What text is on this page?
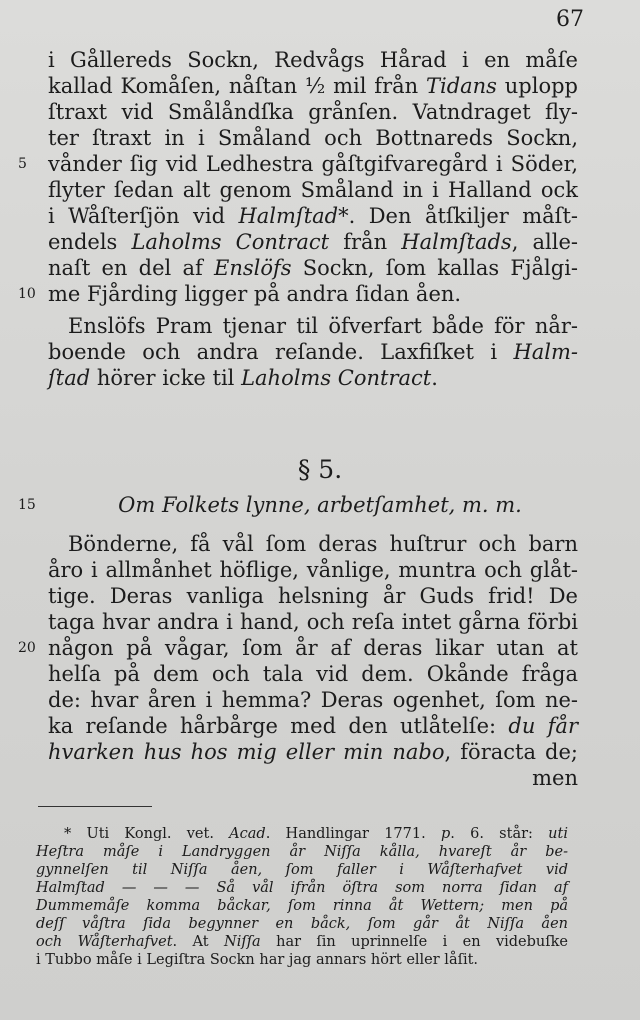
67
i Gållereds Sockn, Redvågs Hårad i en måſe
kallad Komåſen, nåſtan ½ mil från Tidans uplopp
ſtraxt vid Smålåndſka grånſen. Vatndraget fly-
ter ſtraxt in i Småland och Bottnareds Sockn,
vånder ſig vid Ledhestra gåſtgifvaregård i Söder,
flyter ſedan alt genom Småland in i Halland ock
i Wåſterſjön vid Halmſtad*. Den åtſkiljer måſt-
endels Laholms Contract från Halmſtads, alle-
naſt en del af Enslöfs Sockn, ſom kallas Fjålgi-
me Fjårding ligger på andra ſidan åen.
Enslöfs Pram tjenar til öfverfart både för når-
boende och andra reſande. Laxfiſket i Halm-
ſtad hörer icke til Laholms Contract.
§ 5.
Om Folkets lynne, arbetſamhet, m. m.
Bönderne, få vål ſom deras huſtrur och barn
åro i allmånhet höflige, vånlige, muntra och glåt-
tige. Deras vanliga helsning år Guds frid! De
taga hvar andra i hand, och reſa intet gårna förbi
någon på vågar, ſom år af deras likar utan at
helſa på dem och tala vid dem. Okånde fråga
de: hvar åren i hemma? Deras ogenhet, ſom ne-
ka reſande hårbårge med den utlåtelſe: du får
hvarken hus hos mig eller min nabo, föracta de;
men
5
10
15
20
* Uti Kongl. vet. Acad. Handlingar 1771. p. 6. står: uti
Heſtra måſe i Landryggen år Niſſa kålla, hvareſt år be-
gynnelſen til Niſſa åen, ſom faller i Wåſterhafvet vid
Halmſtad — — — Så vål ifrån öſtra som norra ſidan af
Dummemåſe komma båckar, ſom rinna åt Wettern; men på
deſſ våſtra ſida begynner en båck, ſom går åt Niſſa åen
och Wåſterhafvet. At Niſſa har ſin uprinnelſe i en videbuſke
i Tubbo måſe i Legiſtra Sockn har jag annars hört eller låſit.
